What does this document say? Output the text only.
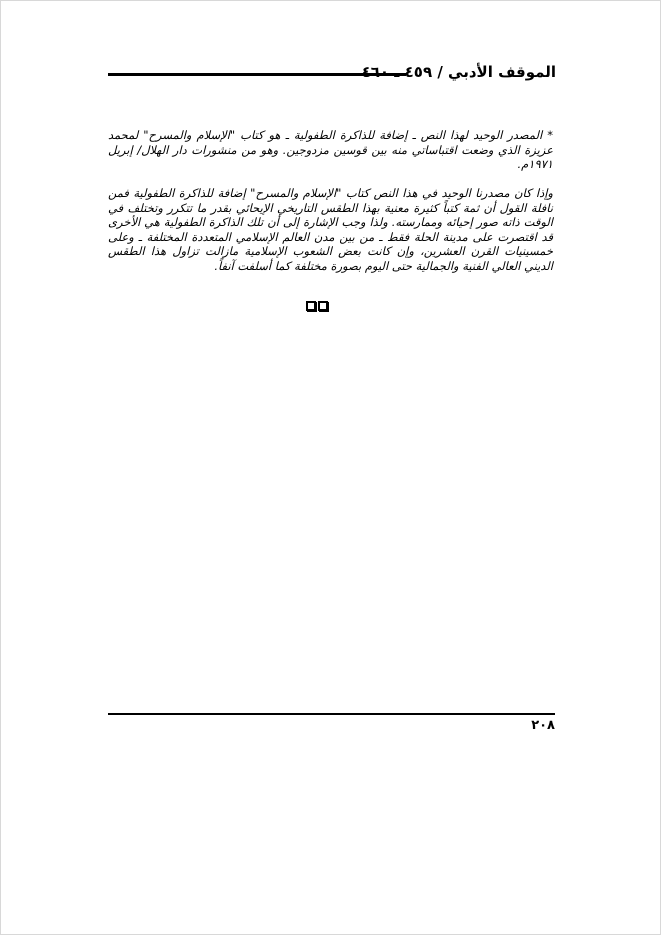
الموقف الأدبي / ٤٥٩ ـ ٤٦٠
* المصدر الوحيد لهذا النص ـ إضافة للذاكرة الطفولية ـ هو كتاب "الإسلام والمسرح" لمحمد عزيزة الذي وضعت اقتباساتي منه بين قوسين مزدوجين. وهو من منشورات دار الهلال/ إبريل ١٩٧١م.
وإذا كان مصدرنا الوحيد في هذا النص كتاب "الإسلام والمسرح" إضافة للذاكرة الطفولية فمن نافلة القول أن ثمة كتباً كثيرة معنية بهذا الطقس التاريخي الإيحائي بقدر ما تتكرر وتختلف في الوقت ذاته صور إحيائه وممارسته. ولذا وجب الإشارة إلى أن تلك الذاكرة الطفولية هي الأخرى قد اقتصرت على مدينة الحلة فقط ـ من بين مدن العالم الإسلامي المتعددة المختلفة ـ وعلى خمسينيات القرن العشرين، وإن كانت بعض الشعوب الإسلامية مازالت تزاول هذا الطقس الديني العالي الفنية والجمالية حتى اليوم بصورة مختلفة كما أسلفت آنفاً.
٢٠٨
